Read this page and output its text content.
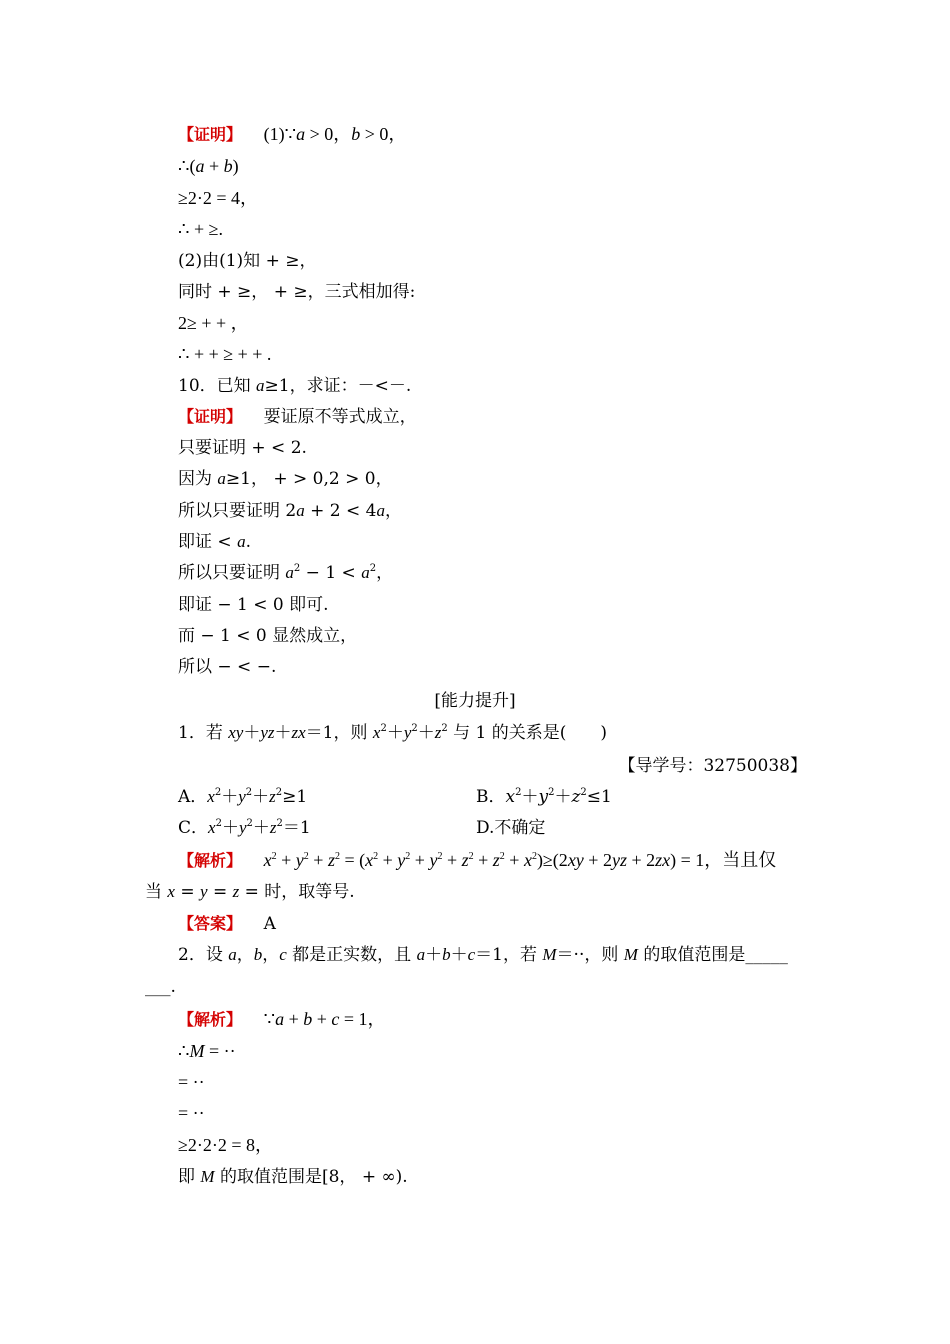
【证明】 (1)∵a > 0，b > 0，
∴(a + b)
≥2·2 = 4，
∴ + ≥.
(2)由(1)知 + ≥，
同时 + ≥， + ≥，三式相加得:
2≥ + + ，
∴ + + ≥ + + .
10．已知 a≥1，求证：－<－.
【证明】 要证原不等式成立，
只要证明 + < 2.
因为 a≥1， + > 0,2 > 0，
所以只要证明 2a + 2 < 4a，
即证 < a.
所以只要证明 $a^2 - 1 < a^2$，
即证 − 1 < 0 即可.
而 − 1 < 0 显然成立，
所以 − < −.
[能力提升]
1．若 xy＋yz＋zx＝1，则 $x^2+y^2+z^2$ 与 1 的关系是(　　)
【导学号：32750038】
A．$x^2+y^2+z^2\ge 1$	B．$x^2+y^2+z^2\le 1$
C．$x^2+y^2+z^2=1$	D.不确定
【解析】 $x^2 + y^2 + z^2 = (x^2 + y^2 + y^2 + z^2 + z^2 + x^2)\ge(2xy + 2yz + 2zx) = 1$，当且仅
当 x = y = z = 时，取等号.
【答案】 A
2．设 a，b，c 都是正实数，且 a＋b＋c＝1，若 M＝··，则 M 的取值范围是_____
___.
【解析】 ∵a + b + c = 1，
∴M = ··
= ··
= ··
≥2·2·2 = 8，
即 M 的取值范围是[8， + ∞).
